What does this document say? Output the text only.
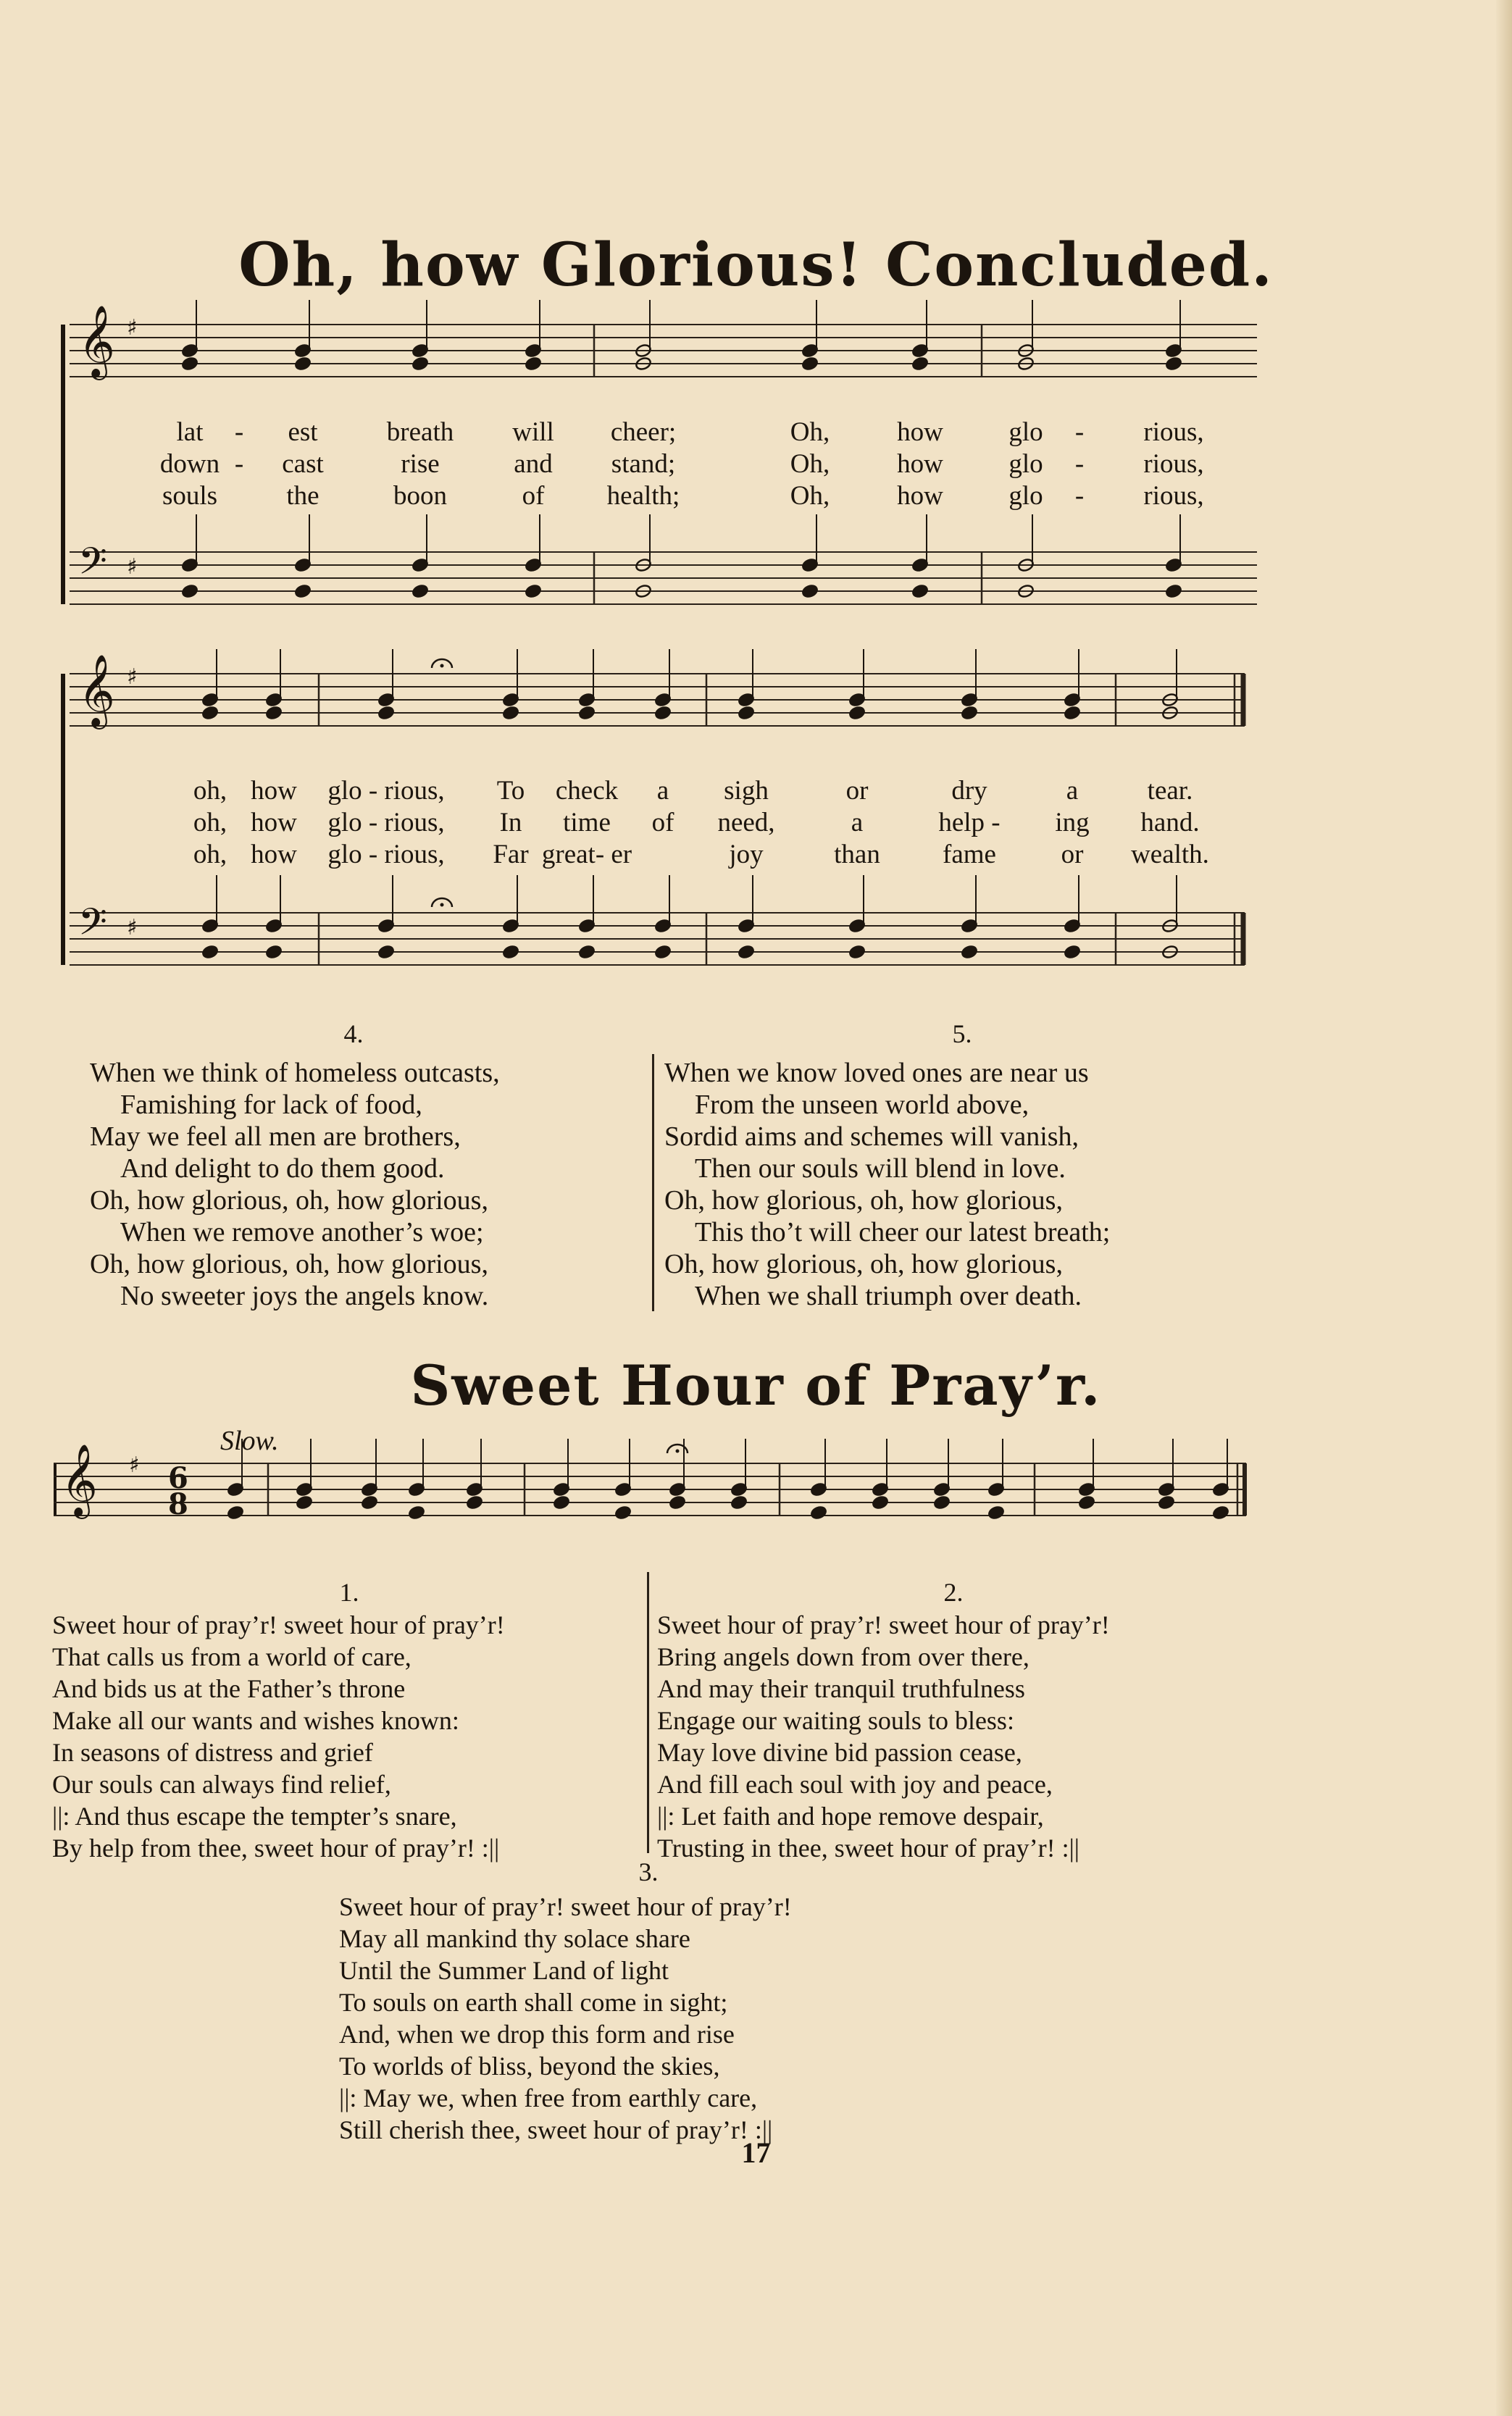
Oh, how Glorious! Concluded.
𝄞
𝄢
♯
♯
lat - est	breath will cheer;	Oh,	how glo - rious,
down - cast	rise	and stand;	Oh,	how glo - rious,
souls	the	boon	of health;	Oh,	how glo - rious,
𝄞
𝄢
♯
♯
oh, how glo - rious, To check a sigh	or	dry	a	tear.
oh, how glo - rious, In time of need,	a	help - ing hand.
oh, how glo - rious, Far great- er	joy	than fame or wealth.
4.	5.
When we think of homeless outcasts,
Famishing for lack of food,
May we feel all men are brothers,
And delight to do them good.
Oh, how glorious, oh, how glorious,
When we remove another’s woe;
Oh, how glorious, oh, how glorious,
No sweeter joys the angels know.
When we know loved ones are near us
From the unseen world above,
Sordid aims and schemes will vanish,
Then our souls will blend in love.
Oh, how glorious, oh, how glorious,
This tho’t will cheer our latest breath;
Oh, how glorious, oh, how glorious,
When we shall triumph over death.
Sweet Hour of Pray’r.
Slow.
𝄞 ♯ 6
8
1.	2.
Sweet hour of pray’r! sweet hour of pray’r!
That calls us from a world of care,
And bids us at the Father’s throne
Make all our wants and wishes known:
In seasons of distress and grief
Our souls can always find relief,
||: And thus escape the tempter’s snare,
By help from thee, sweet hour of pray’r! :||
Sweet hour of pray’r! sweet hour of pray’r!
Bring angels down from over there,
And may their tranquil truthfulness
Engage our waiting souls to bless:
May love divine bid passion cease,
And fill each soul with joy and peace,
||: Let faith and hope remove despair,
Trusting in thee, sweet hour of pray’r! :||
3.
Sweet hour of pray’r! sweet hour of pray’r!
May all mankind thy solace share
Until the Summer Land of light
To souls on earth shall come in sight;
And, when we drop this form and rise
To worlds of bliss, beyond the skies,
||: May we, when free from earthly care,
Still cherish thee, sweet hour of pray’r! :||
17
